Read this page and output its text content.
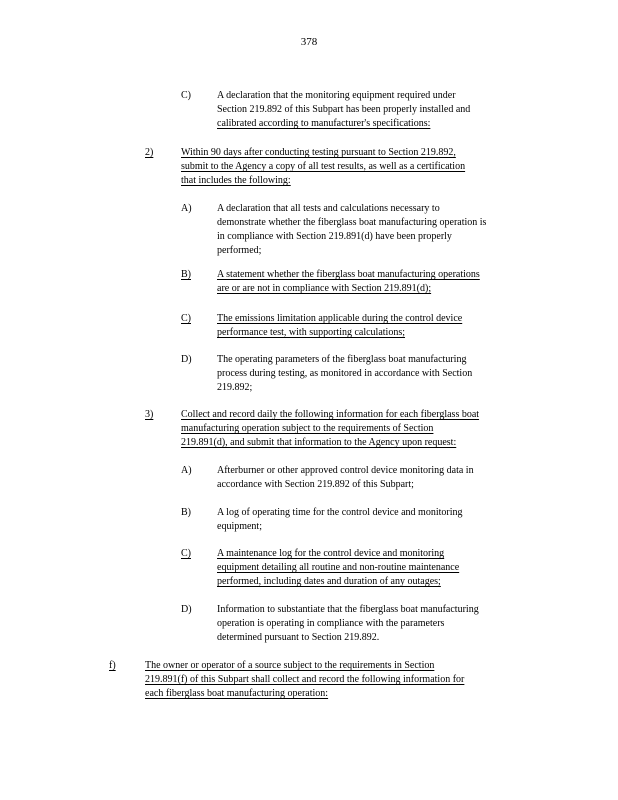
378
C)	A declaration that the monitoring equipment required under
Section 219.892 of this Subpart has been properly installed and
calibrated according to manufacturer's specifications:
2)	Within 90 days after conducting testing pursuant to Section 219.892,
submit to the Agency a copy of all test results, as well as a certification
that includes the following:
A)	A declaration that all tests and calculations necessary to
demonstrate whether the fiberglass boat manufacturing operation is
in compliance with Section 219.891(d) have been properly
performed;
B)	A statement whether the fiberglass boat manufacturing operations
are or are not in compliance with Section 219.891(d);
C)	The emissions limitation applicable during the control device
performance test, with supporting calculations;
D)	The operating parameters of the fiberglass boat manufacturing
process during testing, as monitored in accordance with Section
219.892;
3)	Collect and record daily the following information for each fiberglass boat
manufacturing operation subject to the requirements of Section
219.891(d), and submit that information to the Agency upon request:
A)	Afterburner or other approved control device monitoring data in
accordance with Section 219.892 of this Subpart;
B)	A log of operating time for the control device and monitoring
equipment;
C)	A maintenance log for the control device and monitoring
equipment detailing all routine and non-routine maintenance
performed, including dates and duration of any outages;
D)	Information to substantiate that the fiberglass boat manufacturing
operation is operating in compliance with the parameters
determined pursuant to Section 219.892.
f)	The owner or operator of a source subject to the requirements in Section
219.891(f) of this Subpart shall collect and record the following information for
each fiberglass boat manufacturing operation:
